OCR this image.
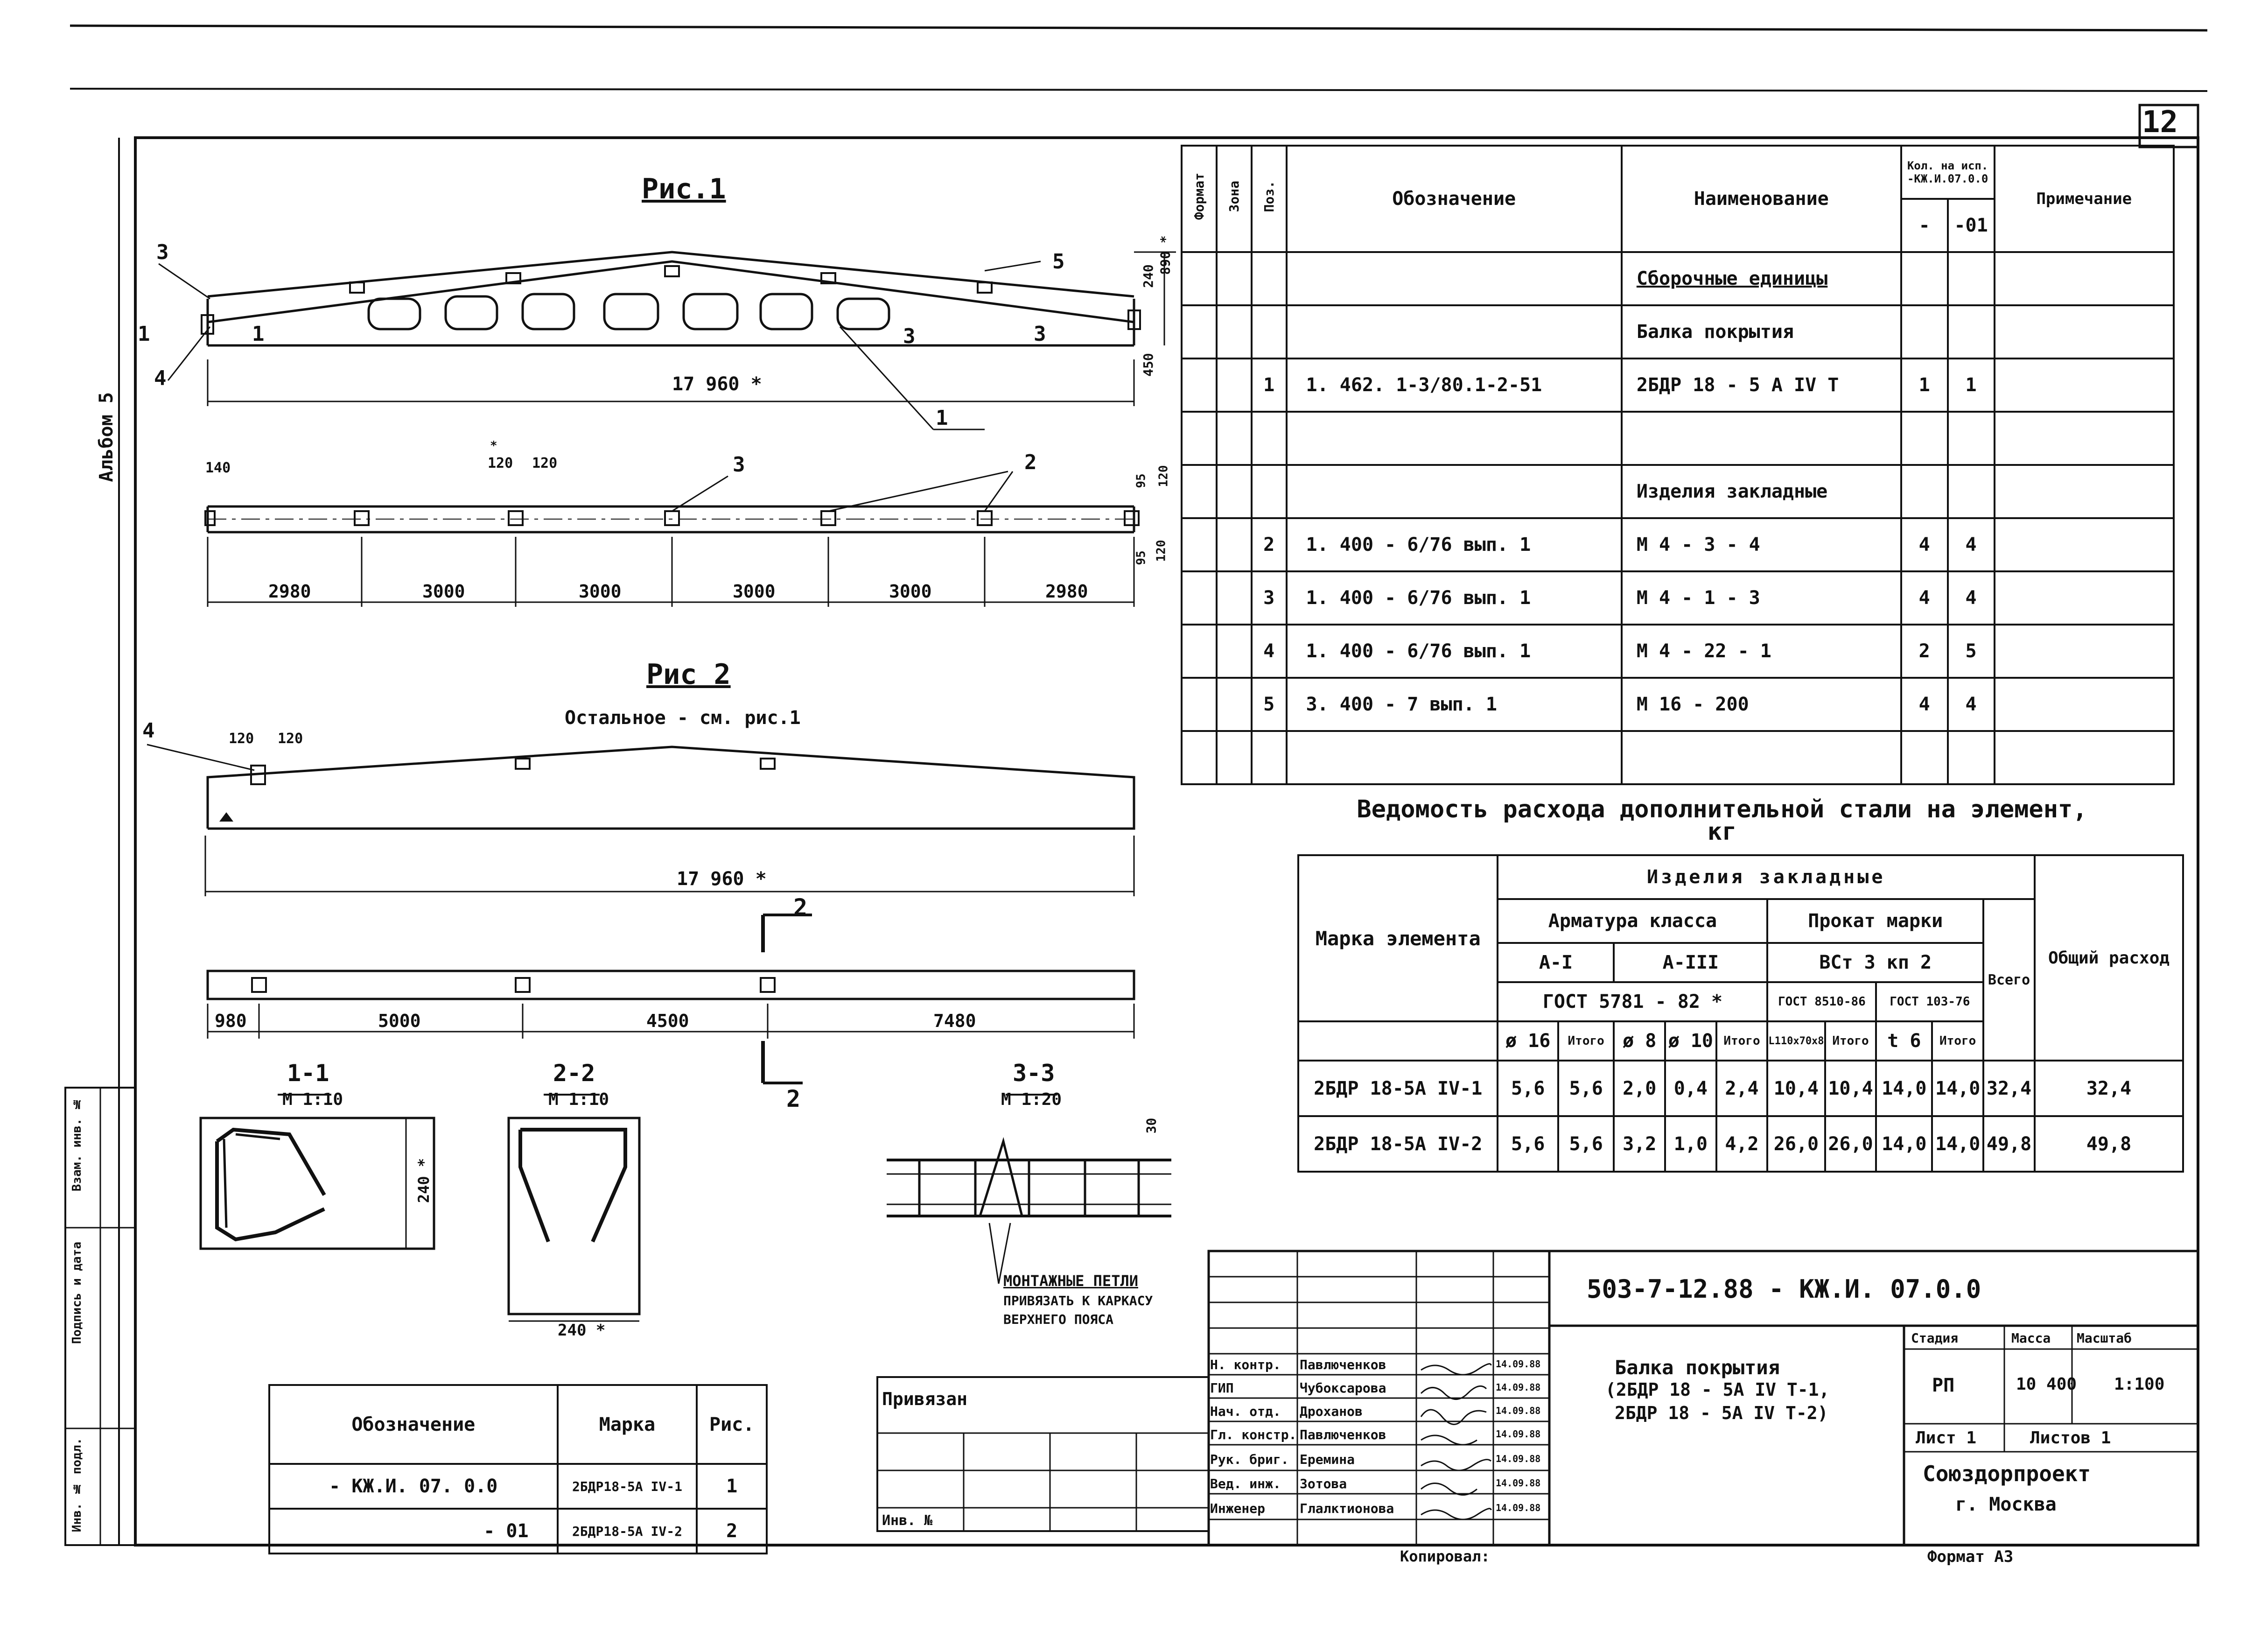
12
Альбом 5
Инв. № подл.
Подпись и дата
Взам. инв. №
Рис.1
17 960 *
240
890 *
450
1	1	3	3
1
2
3
4
5
3
140	120 120
*
95 120
95 120
2980	3000	3000	3000	3000	2980
Рис 2
Остальное - см. рис.1
120 120
4
17 960 *
2
2
980	5000	4500	7480
1-1
М 1:10
240 *
2-2
М 1:10
240 *
3-3
М 1:20
30
МОНТАЖНЫЕ ПЕТЛИ
ПРИВЯЗАТЬ К КАРКАСУ
ВЕРХНЕГО ПОЯСА
Формат	Зона	Поз.	Обозначение	Наименование	Кол. на исп. -КЖ.И.07.0.0		Примечание
					-	-01	
				Сборочные единицы			
				Балка покрытия			
		1	1. 462. 1-3/80.1-2-51	2БДР 18 - 5 А IV Т	1	1	

				Изделия закладные			
		2	1. 400 - 6/76 вып. 1	М 4 - 3 - 4	4	4	
		3	1. 400 - 6/76 вып. 1	М 4 - 1 - 3	4	4	
		4	1. 400 - 6/76 вып. 1	М 4 - 22 - 1	2	5	
		5	3. 400 - 7 вып. 1	М 16 - 200	4	4	

Ведомость расхода дополнительной стали на элемент, кг
Марка элемента	Изделия закладные										Общий расход
	Арматура класса					Прокат марки				Всего	
	А-I		А-III			ВСт 3 кп 2					
	ГОСТ 5781 - 82 *					ГОСТ 8510-86		ГОСТ 103-76			
	ø 16	Итого	ø 8	ø 10	Итого	L110х70х8	Итого	t 6	Итого		
2БДР 18-5А IV-1	5,6	5,6	2,0	0,4	2,4	10,4	10,4	14,0	14,0	32,4	32,4
2БДР 18-5А IV-2	5,6	5,6	3,2	1,0	4,2	26,0	26,0	14,0	14,0	49,8	49,8
Обозначение	Марка	Рис.
- КЖ.И. 07. 0.0	2БДР18-5А IV-1	1
- 01	2БДР18-5А IV-2	2
Привязан
Инв. №
503-7-12.88 - КЖ.И. 07.0.0
Н. контр. Павлюченков	14.09.88
ГИП	Чубоксарова	14.09.88
Нач. отд. Дроханов	14.09.88
Гл. констр. Павлюченков	14.09.88
Рук. бриг. Еремина	14.09.88
Вед. инж. Зотова	14.09.88
Инженер	Глалктионова	14.09.88
Балка покрытия
(2БДР 18 - 5А IV Т-1,
2БДР 18 - 5А IV Т-2)
Стадия	Масса Масштаб
РП	10 400 1:100
Лист 1	Листов 1
Союздорпроект
г. Москва
Копировал:	Формат А3
